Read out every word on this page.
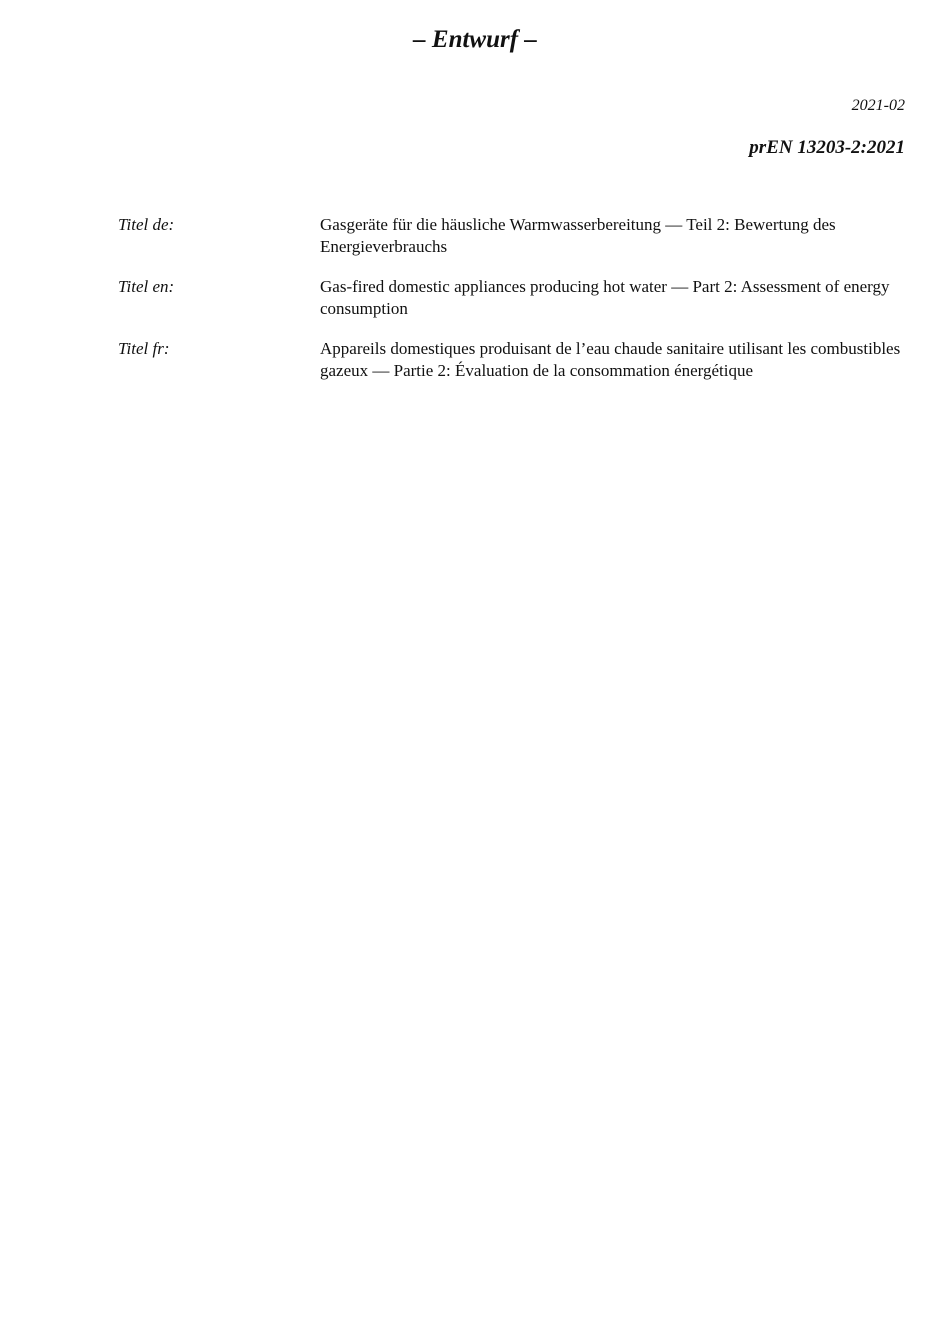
– Entwurf –
2021-02
prEN 13203-2:2021
Titel de:	Gasgeräte für die häusliche Warmwasserbereitung — Teil 2: Bewertung des Energieverbrauchs
Titel en:	Gas-fired domestic appliances producing hot water — Part 2: Assessment of energy consumption
Titel fr:	Appareils domestiques produisant de l’eau chaude sanitaire utilisant les combustibles gazeux — Partie 2: Évaluation de la consommation énergétique
